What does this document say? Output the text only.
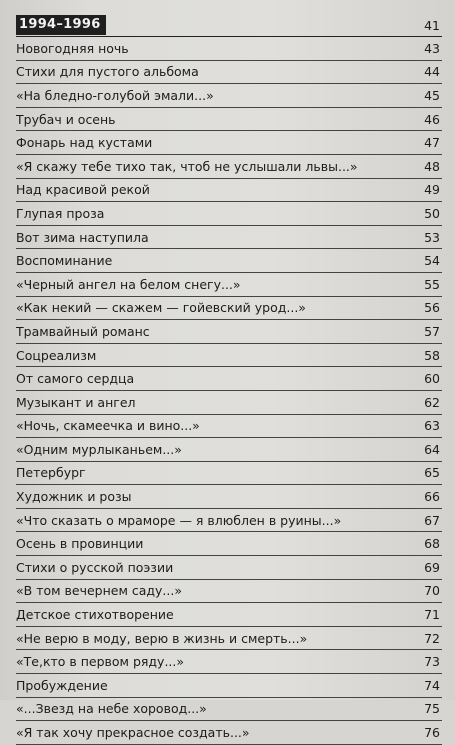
1994–1996	41
Новогодняя ночь	43
Стихи для пустого альбома	44
«На бледно-голубой эмали...»	45
Трубач и осень	46
Фонарь над кустами	47
«Я скажу тебе тихо так, чтоб не услышали львы...»	48
Над красивой рекой	49
Глупая проза	50
Вот зима наступила	53
Воспоминание	54
«Черный ангел на белом снегу...»	55
«Как некий — скажем — гойевский урод...»	56
Трамвайный романс	57
Соцреализм	58
От самого сердца	60
Музыкант и ангел	62
«Ночь, скамеечка и вино...»	63
«Одним мурлыканьем...»	64
Петербург	65
Художник и розы	66
«Что сказать о мраморе — я влюблен в руины...»	67
Осень в провинции	68
Стихи о русской поэзии	69
«В том вечернем саду...»	70
Детское стихотворение	71
«Не верю в моду, верю в жизнь и смерть...»	72
«Те,кто в первом ряду...»	73
Пробуждение	74
«...Звезд на небе хоровод...»	75
«Я так хочу прекрасное создать...»	76
